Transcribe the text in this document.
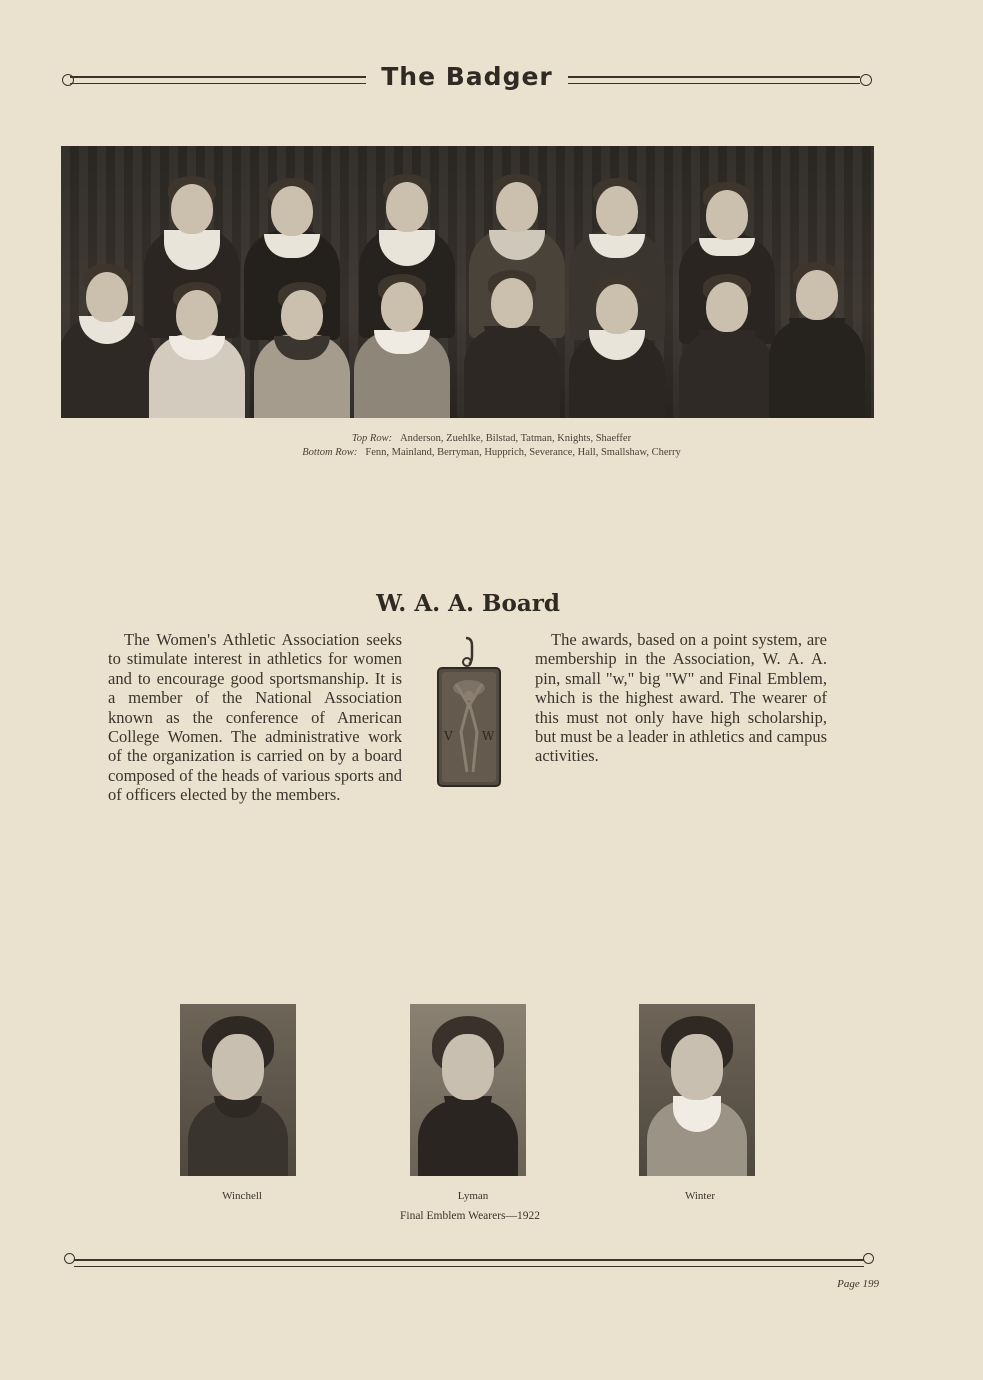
The Badger
Top Row: Anderson, Zuehlke, Bilstad, Tatman, Knights, Shaeffer
Bottom Row: Fenn, Mainland, Berryman, Hupprich, Severance, Hall, Smallshaw, Cherry
W. A. A. Board
The Women's Athletic Association seeks to stimulate interest in athletics for women and to encourage good sportsmanship. It is a member of the National Association known as the conference of American College Women. The administrative work of the organization is carried on by a board composed of the heads of various sports and of officers elected by the members.
V W
The awards, based on a point system, are membership in the Association, W. A. A. pin, small "w," big "W" and Final Emblem, which is the highest award. The wearer of this must not only have high scholarship, but must be a leader in athletics and campus activities.
Winchell	Lyman	Winter
Final Emblem Wearers—1922
Page 199
